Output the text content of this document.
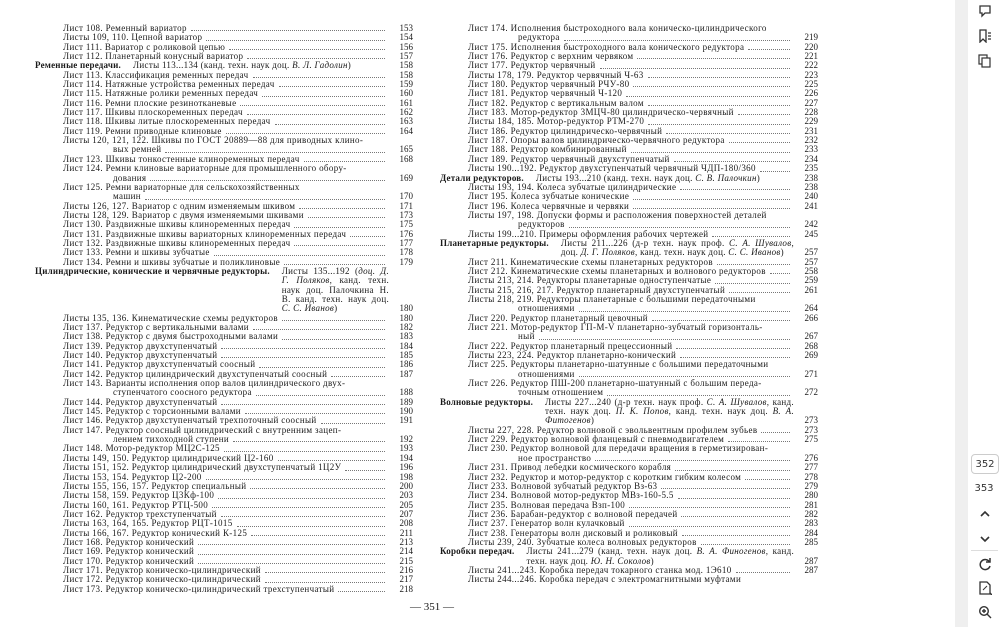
Лист 108. Ременный вариатор	153
Листы 109, 110. Цепной вариатор	154
Лист 111. Вариатор с роликовой цепью	156
Лист 112. Планетарный конусный вариатор	157
Ременные передачи.	Листы 113...134 (канд. техн. наук доц. В. Л. Гадолин)	158
Лист 113. Классификация ременных передач	158
Лист 114. Натяжные устройства ременных передач	159
Лист 115. Натяжные ролики ременных передач	160
Лист 116. Ремни плоские резинотканевые	161
Лист 117. Шкивы плоскоременных передач	162
Лист 118. Шкивы литые плоскоременных передач	163
Лист 119. Ремни приводные клиновые	164
Листы 120, 121, 122. Шкивы по ГОСТ 20889—88 для приводных клино-
вых ремней	165
Лист 123. Шкивы тонкостенные клиноременных передач	168
Лист 124. Ремни клиновые вариаторные для промышленного обору-
дования	169
Лист 125. Ремни вариаторные для сельскохозяйственных
машин	170
Листы 126, 127. Вариатор с одним изменяемым шкивом	171
Листы 128, 129. Вариатор с двумя изменяемыми шкивами	173
Лист 130. Раздвижные шкивы клиноременных передач	175
Лист 131. Раздвижные шкивы вариаторных клиноременных передач	176
Лист 132. Раздвижные шкивы клиноременных передач	177
Лист 133. Ремни и шкивы зубчатые	178
Лист 134. Ремни и шкивы зубчатые и поликлиновые	179
Цилиндрические, конические и червячные редукторы.	Листы 135...192 (доц. Д. Г. Поляков, канд. техн. наук доц. Палочкина Н. В. канд. техн. наук доц. С. С. Иванов)	180
Листы 135, 136. Кинематические схемы редукторов	180
Лист 137. Редуктор с вертикальными валами	182
Лист 138. Редуктор с двумя быстроходными валами	183
Лист 139. Редуктор двухступенчатый	184
Лист 140. Редуктор двухступенчатый	185
Лист 141. Редуктор двухступенчатый соосный	186
Лист 142. Редуктор цилиндрический двухступенчатый соосный	187
Лист 143. Варианты исполнения опор валов цилиндрического двух-
ступенчатого соосного редуктора	188
Лист 144. Редуктор двухступенчатый	189
Лист 145. Редуктор с торсионными валами	190
Лист 146. Редуктор двухступенчатый трехпоточный соосный	191
Лист 147. Редуктор соосный цилиндрический с внутренним зацеп-
лением тихоходной ступени	192
Лист 148. Мотор-редуктор МЦ2С-125	193
Листы 149, 150. Редуктор цилиндрический Ц2-160	194
Листы 151, 152. Редуктор цилиндрический двухступенчатый 1Ц2У	196
Листы 153, 154. Редуктор Ц2-200	198
Листы 155, 156, 157. Редуктор специальный	200
Листы 158, 159. Редуктор Ц3Кф-100	203
Листы 160, 161. Редуктор РТЦ-500	205
Лист 162. Редуктор трехступенчатый	207
Листы 163, 164, 165. Редуктор РЦТ-1015	208
Листы 166, 167. Редуктор конический К-125	211
Лист 168. Редуктор конический	213
Лист 169. Редуктор конический	214
Лист 170. Редуктор конический	215
Лист 171. Редуктор коническо-цилиндрический	216
Лист 172. Редуктор коническо-цилиндрический	217
Лист 173. Редуктор коническо-цилиндрический трехступенчатый	218
Лист 174. Исполнения быстроходного вала коническо-цилиндрического
редуктора	219
Лист 175. Исполнения быстроходного вала конического редуктора	220
Лист 176. Редуктор с верхним червяком	221
Лист 177. Редуктор червячный	222
Листы 178, 179. Редуктор червячный Ч-63	223
Лист 180. Редуктор червячный РЧУ-80	225
Лист 181. Редуктор червячный Ч-120	226
Лист 182. Редуктор с вертикальным валом	227
Лист 183. Мотор-редуктор 3МЦЧ-80 цилиндрическо-червячный	228
Листы 184, 185. Мотор-редуктор РТМ-270	229
Лист 186. Редуктор цилиндрическо-червячный	231
Лист 187. Опоры валов цилиндрическо-червячного редуктора	232
Лист 188. Редуктор комбинированный	233
Лист 189. Редуктор червячный двухступенчатый	234
Листы 190...192. Редуктор двухступенчатый червячный ЧДП-180/360	235
Детали редукторов.	Листы 193...210 (канд. техн. наук доц. С. В. Палочкин)	238
Листы 193, 194. Колеса зубчатые цилиндрические	238
Лист 195. Колеса зубчатые конические	240
Лист 196. Колеса червячные и червяки	241
Листы 197, 198. Допуски формы и расположения поверхностей деталей
редукторов	242
Листы 199...210. Примеры оформления рабочих чертежей	245
Планетарные редукторы.	Листы 211...226 (д-р техн. наук проф. С. А. Шувалов, доц. Д. Г. Поляков, канд. техн. наук доц. С. С. Иванов)	257
Лист 211. Кинематические схемы планетарных редукторов	257
Лист 212. Кинематические схемы планетарных и волнового редукторов	258
Листы 213, 214. Редукторы планетарные одноступенчатые	259
Листы 215, 216, 217. Редуктор планетарный двухступенчатый	261
Листы 218, 219. Редукторы планетарные с большими передаточными
отношениями	264
Лист 220. Редуктор планетарный цевочный	266
Лист 221. Мотор-редуктор ГП-М-V планетарно-зубчатый горизонталь-
ный	267
Лист 222. Редуктор планетарный прецессионный	268
Листы 223, 224. Редуктор планетарно-конический	269
Лист 225. Редукторы планетарно-шатунные с большими передаточными
отношениями	271
Лист 226. Редуктор ПШ-200 планетарно-шатунный с большим переда-
точным отношением	272
Волновые редукторы.	Листы 227...240 (д-р техн. наук проф. С. А. Шувалов, канд. техн. наук доц. П. К. Попов, канд. техн. наук доц. В. А. Фитогенов)	273
Листы 227, 228. Редуктор волновой с эвольвентным профилем зубьев	273
Лист 229. Редуктор волновой фланцевый с пневмодвигателем	275
Лист 230. Редуктор волновой для передачи вращения в герметизирован-
ное пространство	276
Лист 231. Привод лебедки космического корабля	277
Лист 232. Редуктор и мотор-редуктор с коротким гибким колесом	278
Лист 233. Волновой зубчатый редуктор Вз-63	279
Лист 234. Волновой мотор-редуктор МВз-160-5.5	280
Лист 235. Волновая передача Взп-100	281
Лист 236. Барабан-редуктор с волновой передачей	282
Лист 237. Генератор волн кулачковый	283
Лист 238. Генераторы волн дисковый и роликовый	284
Листы 239, 240. Зубчатые колеса волновых редукторов	285
Коробки передач.	Листы 241...279 (канд. техн. наук доц. В. А. Финогенов, канд. техн. наук доц. Ю. Н. Соколов)	287
Листы 241...243. Коробка передач токарного станка мод. 1Э610	287
Листы 244...246. Коробка передач с электромагнитными муфтами
— 351 —
352
353
